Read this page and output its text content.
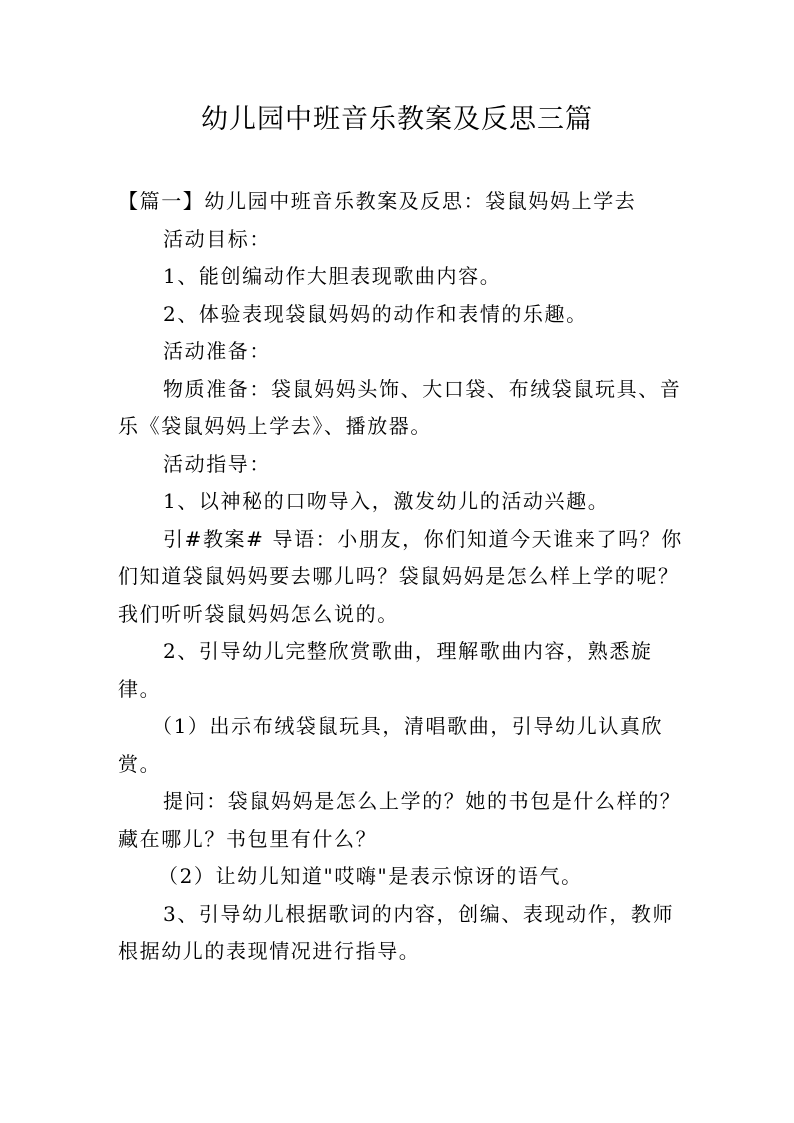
幼儿园中班音乐教案及反思三篇

【篇一】幼儿园中班音乐教案及反思：袋鼠妈妈上学去

活动目标：

1、能创编动作大胆表现歌曲内容。

2、体验表现袋鼠妈妈的动作和表情的乐趣。

活动准备：

物质准备：袋鼠妈妈头饰、大口袋、布绒袋鼠玩具、音乐《袋鼠妈妈上学去》、播放器。

活动指导：

1、以神秘的口吻导入，激发幼儿的活动兴趣。

引#教案# 导语：小朋友，你们知道今天谁来了吗？你们知道袋鼠妈妈要去哪儿吗？袋鼠妈妈是怎么样上学的呢？我们听听袋鼠妈妈怎么说的。

2、引导幼儿完整欣赏歌曲，理解歌曲内容，熟悉旋律。

（1）出示布绒袋鼠玩具，清唱歌曲，引导幼儿认真欣赏。

提问：袋鼠妈妈是怎么上学的？她的书包是什么样的？藏在哪儿？书包里有什么？

（2）让幼儿知道"哎嗨"是表示惊讶的语气。

3、引导幼儿根据歌词的内容，创编、表现动作，教师根据幼儿的表现情况进行指导。
